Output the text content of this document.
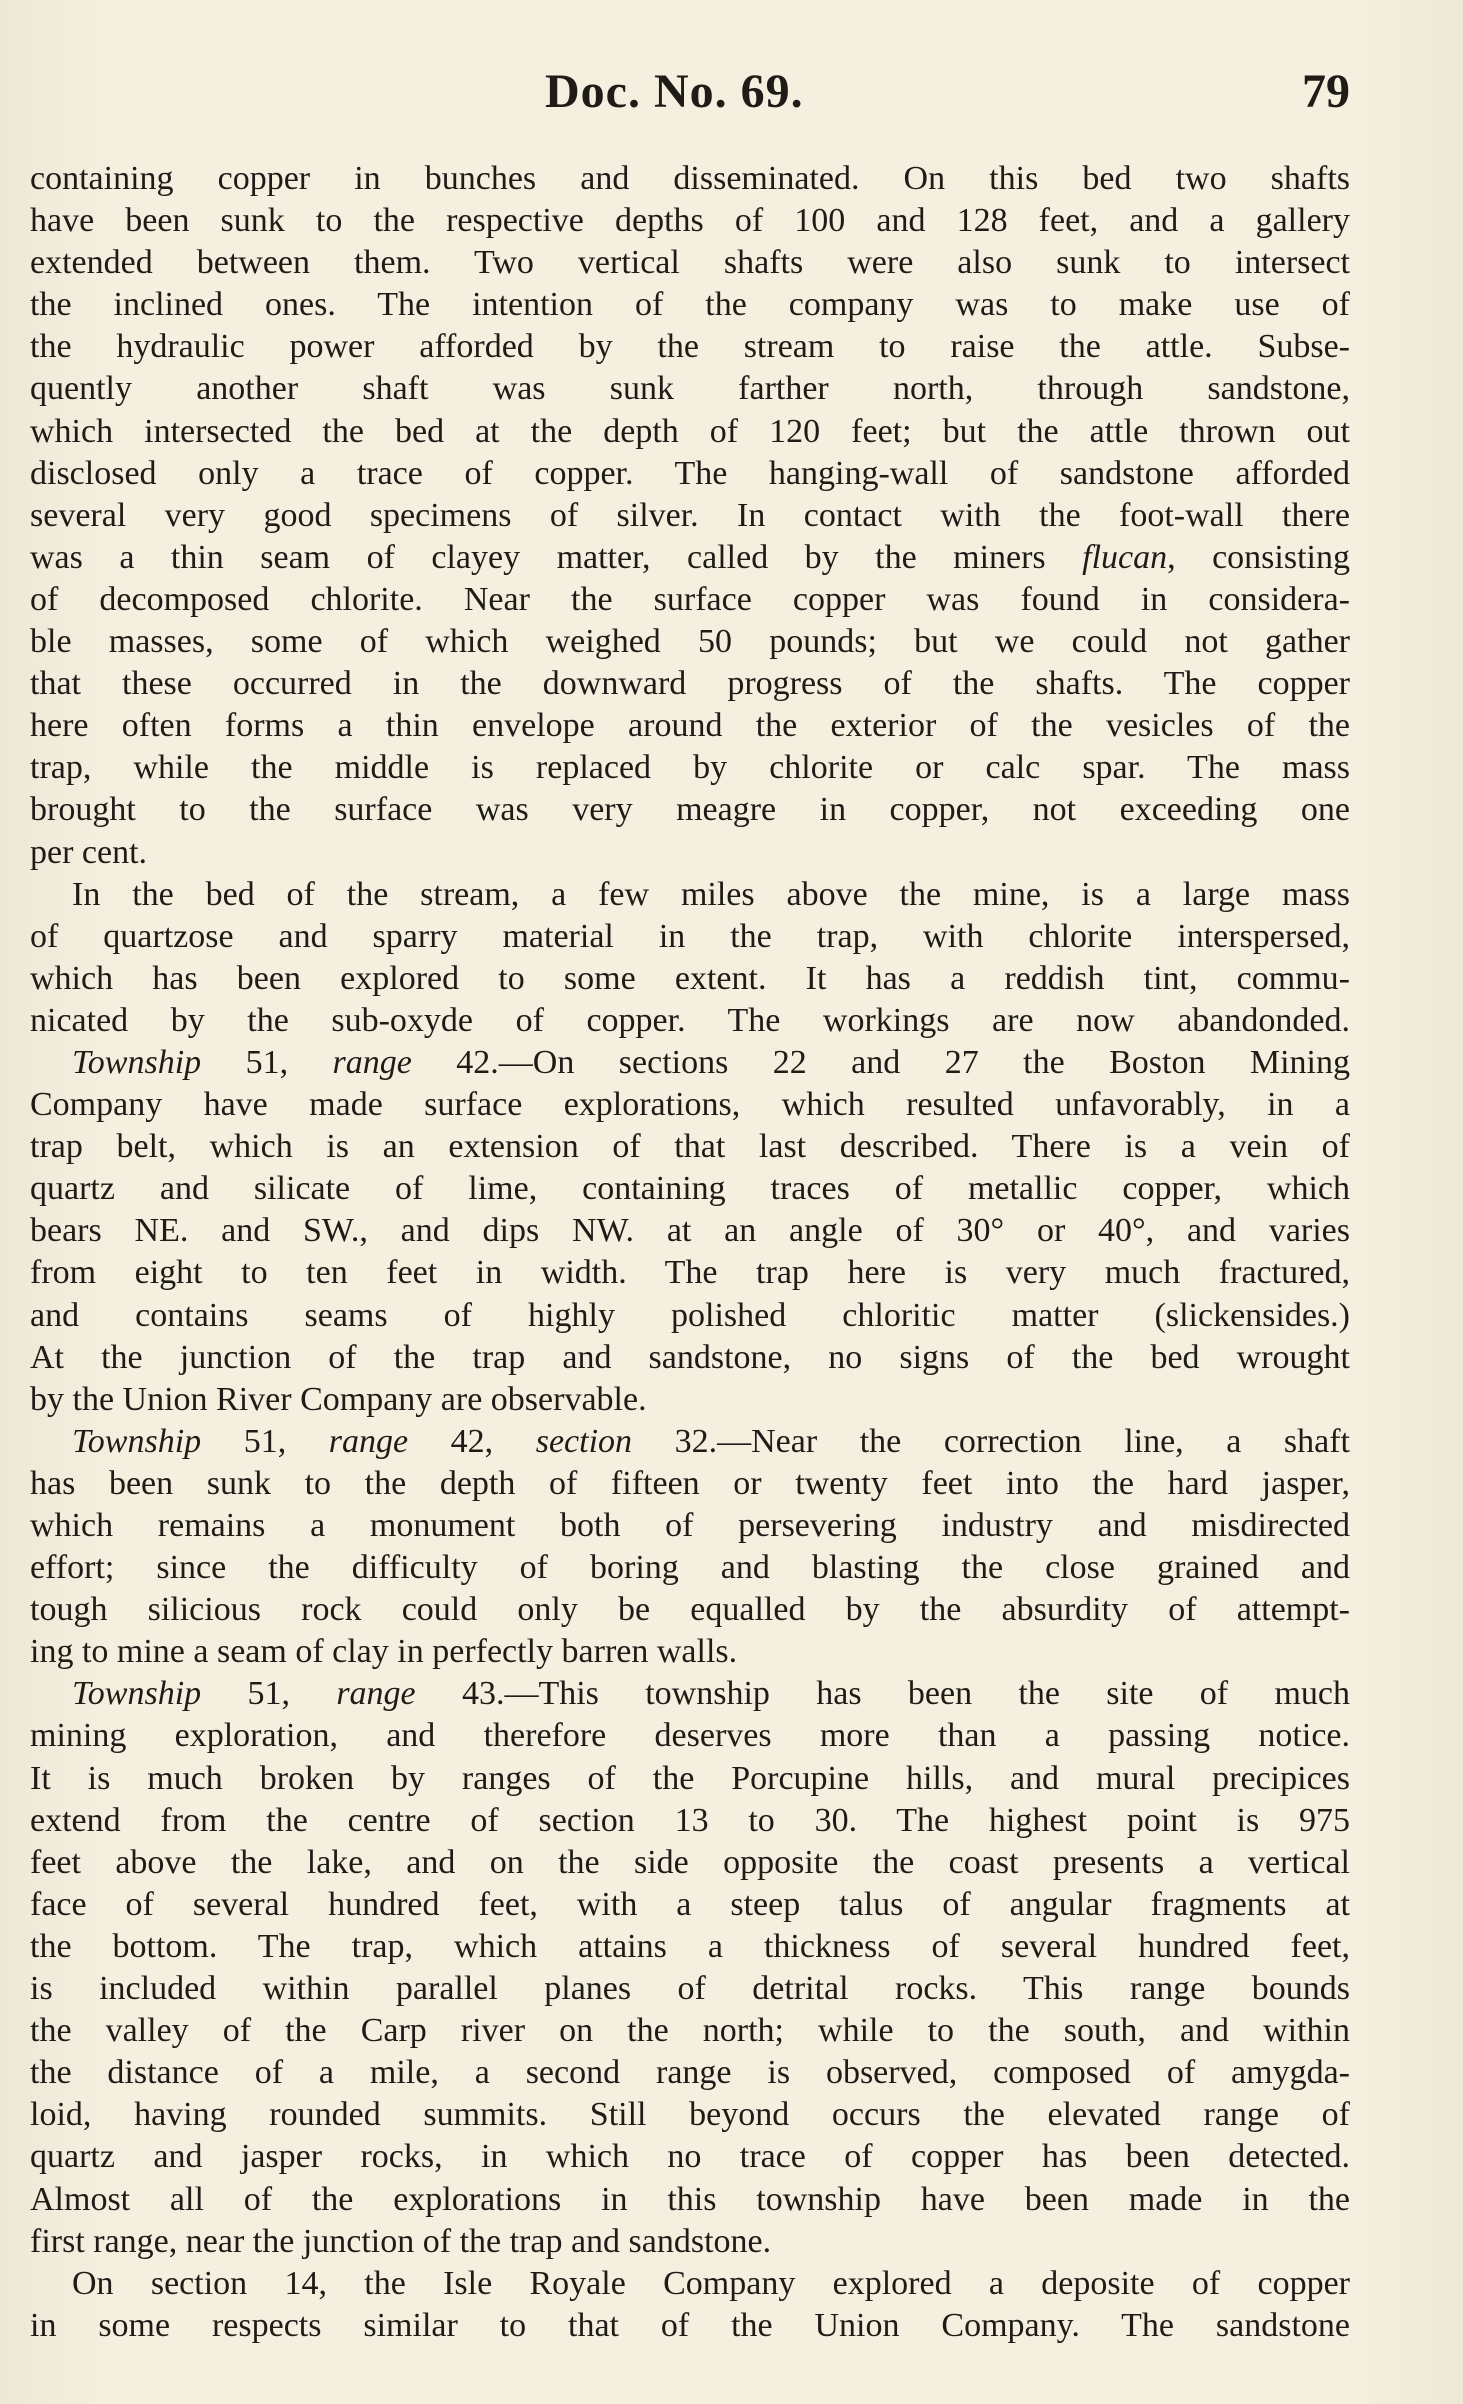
Doc. No. 69.	79
containing copper in bunches and disseminated. On this bed two shafts
have been sunk to the respective depths of 100 and 128 feet, and a gallery
extended between them. Two vertical shafts were also sunk to intersect
the inclined ones. The intention of the company was to make use of
the hydraulic power afforded by the stream to raise the attle. Subse-
quently another shaft was sunk farther north, through sandstone,
which intersected the bed at the depth of 120 feet; but the attle thrown out
disclosed only a trace of copper. The hanging-wall of sandstone afforded
several very good specimens of silver. In contact with the foot-wall there
was a thin seam of clayey matter, called by the miners flucan, consisting
of decomposed chlorite. Near the surface copper was found in considera-
ble masses, some of which weighed 50 pounds; but we could not gather
that these occurred in the downward progress of the shafts. The copper
here often forms a thin envelope around the exterior of the vesicles of the
trap, while the middle is replaced by chlorite or calc spar. The mass
brought to the surface was very meagre in copper, not exceeding one
per cent.
In the bed of the stream, a few miles above the mine, is a large mass
of quartzose and sparry material in the trap, with chlorite interspersed,
which has been explored to some extent. It has a reddish tint, commu-
nicated by the sub-oxyde of copper. The workings are now abandonded.
Township 51, range 42.—On sections 22 and 27 the Boston Mining
Company have made surface explorations, which resulted unfavorably, in a
trap belt, which is an extension of that last described. There is a vein of
quartz and silicate of lime, containing traces of metallic copper, which
bears NE. and SW., and dips NW. at an angle of 30° or 40°, and varies
from eight to ten feet in width. The trap here is very much fractured,
and contains seams of highly polished chloritic matter (slickensides.)
At the junction of the trap and sandstone, no signs of the bed wrought
by the Union River Company are observable.
Township 51, range 42, section 32.—Near the correction line, a shaft
has been sunk to the depth of fifteen or twenty feet into the hard jasper,
which remains a monument both of persevering industry and misdirected
effort; since the difficulty of boring and blasting the close grained and
tough silicious rock could only be equalled by the absurdity of attempt-
ing to mine a seam of clay in perfectly barren walls.
Township 51, range 43.—This township has been the site of much
mining exploration, and therefore deserves more than a passing notice.
It is much broken by ranges of the Porcupine hills, and mural precipices
extend from the centre of section 13 to 30. The highest point is 975
feet above the lake, and on the side opposite the coast presents a vertical
face of several hundred feet, with a steep talus of angular fragments at
the bottom. The trap, which attains a thickness of several hundred feet,
is included within parallel planes of detrital rocks. This range bounds
the valley of the Carp river on the north; while to the south, and within
the distance of a mile, a second range is observed, composed of amygda-
loid, having rounded summits. Still beyond occurs the elevated range of
quartz and jasper rocks, in which no trace of copper has been detected.
Almost all of the explorations in this township have been made in the
first range, near the junction of the trap and sandstone.
On section 14, the Isle Royale Company explored a deposite of copper
in some respects similar to that of the Union Company. The sandstone
